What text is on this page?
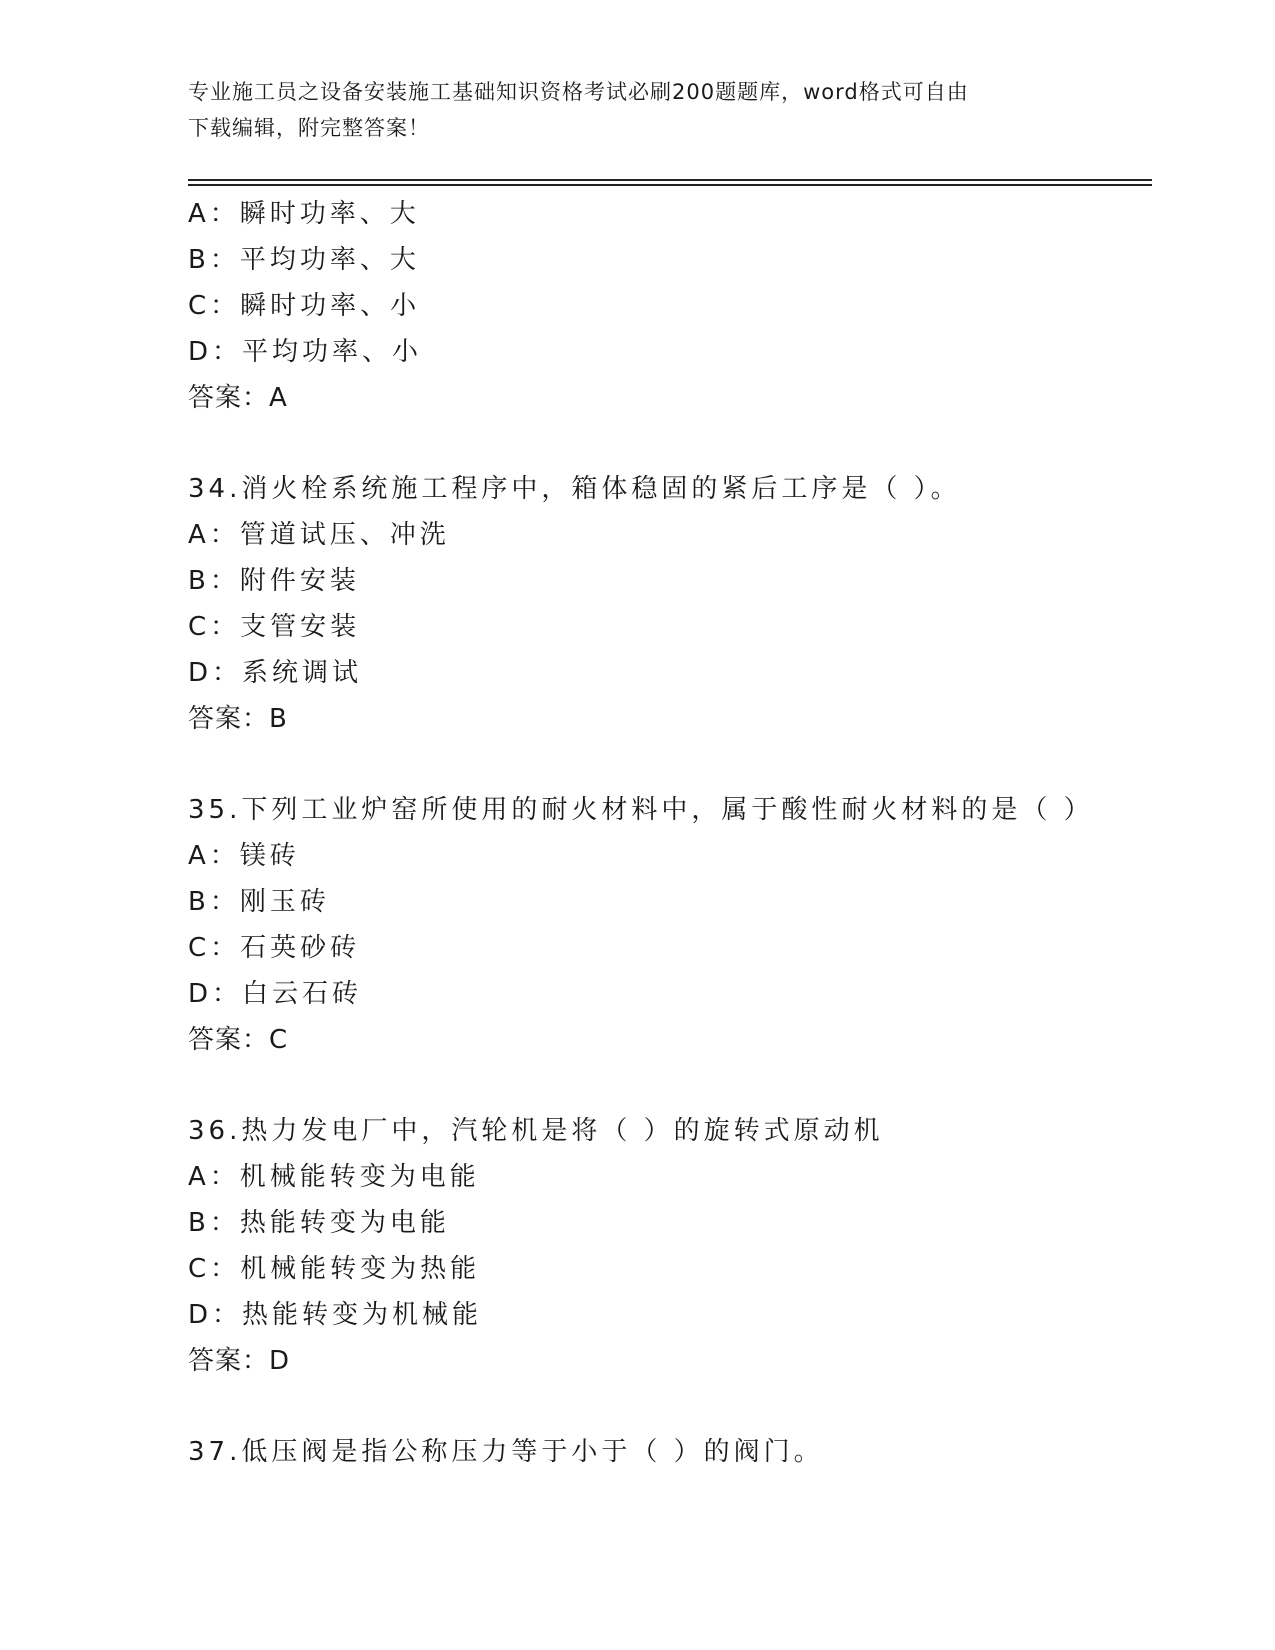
专业施工员之设备安装施工基础知识资格考试必刷200题题库，word格式可自由
下载编辑，附完整答案！
A：瞬时功率、大
B：平均功率、大
C：瞬时功率、小
D：平均功率、小
答案：A
34.消火栓系统施工程序中，箱体稳固的紧后工序是（ ）。
A：管道试压、冲洗
B：附件安装
C：支管安装
D：系统调试
答案：B
35.下列工业炉窑所使用的耐火材料中，属于酸性耐火材料的是（ ）
A：镁砖
B：刚玉砖
C：石英砂砖
D：白云石砖
答案：C
36.热力发电厂中，汽轮机是将（ ）的旋转式原动机
A：机械能转变为电能
B：热能转变为电能
C：机械能转变为热能
D：热能转变为机械能
答案：D
37.低压阀是指公称压力等于小于（ ）的阀门。
